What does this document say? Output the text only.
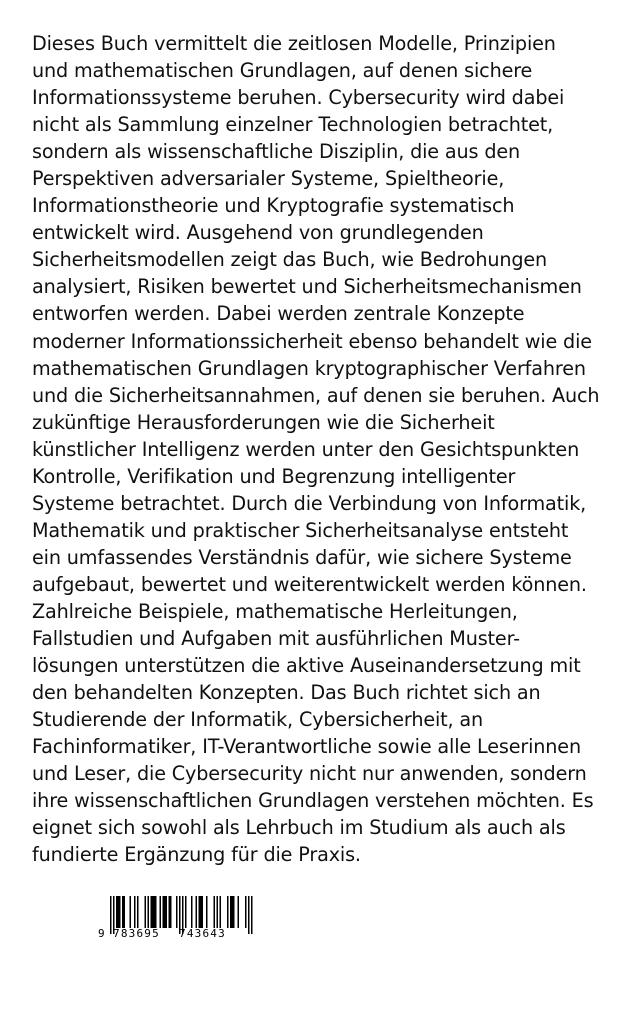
Dieses Buch vermittelt die zeitlosen Modelle, Prinzipien
und mathematischen Grundlagen, auf denen sichere
Informationssysteme beruhen. Cybersecurity wird dabei
nicht als Sammlung einzelner Technologien betrachtet,
sondern als wissenschaftliche Disziplin, die aus den
Perspektiven adversarialer Systeme, Spieltheorie,
Informationstheorie und Kryptografie systematisch
entwickelt wird. Ausgehend von grundlegenden
Sicherheitsmodellen zeigt das Buch, wie Bedrohungen
analysiert, Risiken bewertet und Sicherheitsmechanismen
entworfen werden. Dabei werden zentrale Konzepte
moderner Informationssicherheit ebenso behandelt wie die
mathematischen Grundlagen kryptographischer Verfahren
und die Sicherheitsannahmen, auf denen sie beruhen. Auch
zukünftige Herausforderungen wie die Sicherheit
künstlicher Intelligenz werden unter den Gesichtspunkten
Kontrolle, Verifikation und Begrenzung intelligenter
Systeme betrachtet. Durch die Verbindung von Informatik,
Mathematik und praktischer Sicherheitsanalyse entsteht
ein umfassendes Verständnis dafür, wie sichere Systeme
aufgebaut, bewertet und weiterentwickelt werden können.
Zahlreiche Beispiele, mathematische Herleitungen,
Fallstudien und Aufgaben mit ausführlichen Muster-
lösungen unterstützen die aktive Auseinandersetzung mit
den behandelten Konzepten. Das Buch richtet sich an
Studierende der Informatik, Cybersicherheit, an
Fachinformatiker, IT-Verantwortliche sowie alle Leserinnen
und Leser, die Cybersecurity nicht nur anwenden, sondern
ihre wissenschaftlichen Grundlagen verstehen möchten. Es
eignet sich sowohl als Lehrbuch im Studium als auch als
fundierte Ergänzung für die Praxis.

9 783695 743643
